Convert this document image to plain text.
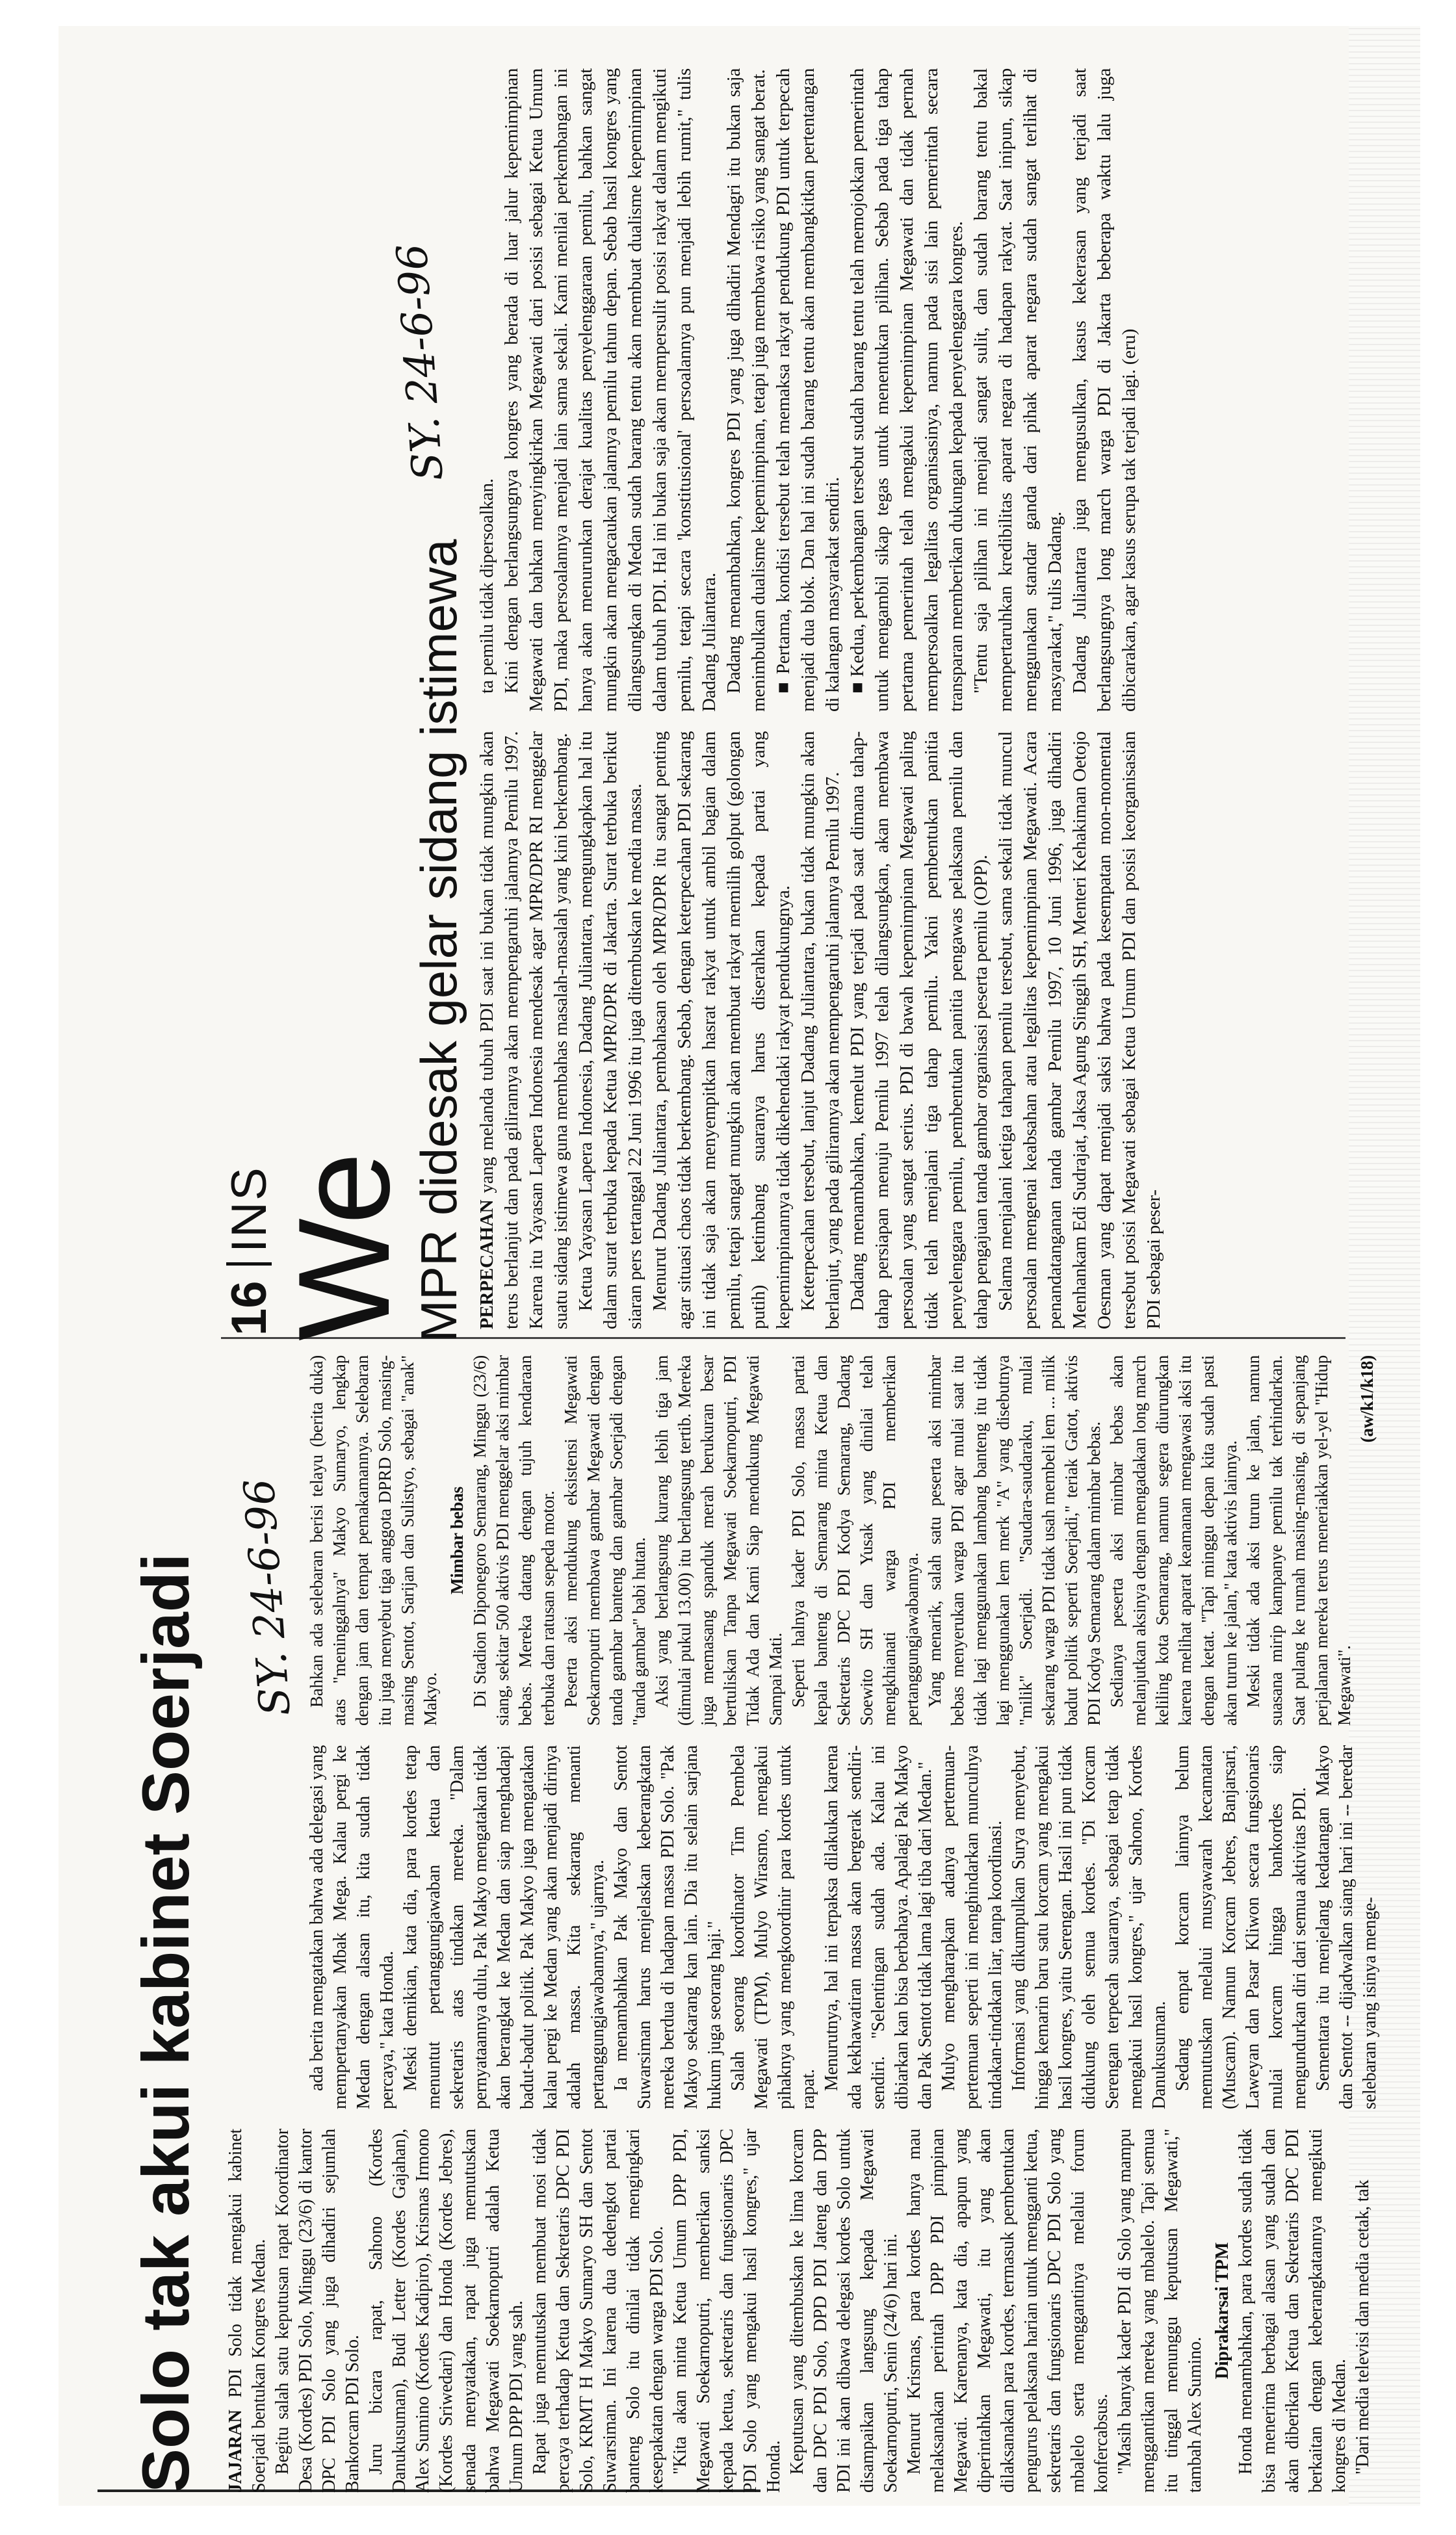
Solo tak akui kabinet Soerjadi SY. 24-6-96

JAJARAN PDI Solo tidak mengakui kabinet Soerjadi bentukan Kongres Medan. Begitu salah satu keputusan rapat Koordinator Desa (Kordes) PDI Solo, Minggu (23/6) di kantor DPC PDI Solo yang juga dihadiri sejumlah Bankorcam PDI Solo. Juru bicara rapat, Sahono (Kordes Danukusuman), Budi Letter (Kordes Gajahan), Alex Sumino (Kordes Kadipiro), Krismas Irmono (Kordes Sriwedari) dan Honda (Kordes Jebres), senada menyatakan, rapat juga memutuskan bahwa Megawati Soekarnoputri adalah Ketua Umum DPP PDI yang sah. Rapat juga memutuskan membuat mosi tidak percaya terhadap Ketua dan Sekretaris DPC PDI Solo, KRMT H Makyo Sumaryo SH dan Sentot Suwarsiman. Ini karena dua dedengkot partai banteng Solo itu dinilai tidak mengingkari kesepakatan dengan warga PDI Solo. "Kita akan minta Ketua Umum DPP PDI, Megawati Soekarnoputri, memberikan sanksi kepada ketua, sekretaris dan fungsionaris DPC PDI Solo yang mengakui hasil kongres," ujar Honda. Keputusan yang ditembuskan ke lima korcam dan DPC PDI Solo, DPD PDI Jateng dan DPP PDI ini akan dibawa delegasi kordes Solo untuk disampaikan langsung kepada Megawati Soekarnoputri, Senin (24/6) hari ini. Menurut Krismas, para kordes hanya mau melaksanakan perintah DPP PDI pimpinan Megawati. Karenanya, kata dia, apapun yang diperintahkan Megawati, itu yang akan dilaksanakan para kordes, termasuk pembentukan pengurus pelaksana harian untuk mengganti ketua, sekretaris dan fungsionaris DPC PDI Solo yang mbalelo serta menggantinya melalui forum konfercabsus. "Masih banyak kader PDI di Solo yang mampu menggantikan mereka yang mbalelo. Tapi semua itu tinggal menunggu keputusan Megawati," tambah Alex Sumino.

Diprakarsai TPM Honda menambahkan, para kordes sudah tidak bisa menerima berbagai alasan yang sudah dan akan diberikan Ketua dan Sekretaris DPC PDI berkaitan dengan keberangkatannya mengikuti kongres di Medan. "Dari media televisi dan media cetak, tak

ada berita mengatakan bahwa ada delegasi yang mempertanyakan Mbak Mega. Kalau pergi ke Medan dengan alasan itu, kita sudah tidak percaya," kata Honda. Meski demikian, kata dia, para kordes tetap menuntut pertanggungjawaban ketua dan sekretaris atas tindakan mereka. "Dalam pernyataannya dulu, Pak Makyo mengatakan tidak akan berangkat ke Medan dan siap menghadapi badut-badut politik. Pak Makyo juga mengatakan kalau pergi ke Medan yang akan menjadi dirinya adalah massa. Kita sekarang menanti pertanggungjawabannya," ujarnya. Ia menambahkan Pak Makyo dan Sentot Suwarsiman harus menjelaskan keberangkatan mereka berdua di hadapan massa PDI Solo. "Pak Makyo sekarang kan lain. Dia itu selain sarjana hukum juga seorang haji." Salah seorang koordinator Tim Pembela Megawati (TPM), Mulyo Wirasmo, mengakui pihaknya yang mengkoordinir para kordes untuk rapat. Menurutnya, hal ini terpaksa dilakukan karena ada kekhawatiran massa akan bergerak sendiri-sendiri. "Selentingan sudah ada. Kalau ini dibiarkan kan bisa berbahaya. Apalagi Pak Makyo dan Pak Sentot tidak lama lagi tiba dari Medan." Mulyo mengharapkan adanya pertemuan-pertemuan seperti ini menghindarkan munculnya tindakan-tindakan liar, tanpa koordinasi. Informasi yang dikumpulkan Surya menyebut, hingga kemarin baru satu korcam yang mengakui hasil kongres, yaitu Serengan. Hasil ini pun tidak didukung oleh semua kordes. "Di Korcam Serengan terpecah suaranya, sebagai tetap tidak mengakui hasil kongres," ujar Sahono, Kordes Danukusuman. Sedang empat korcam lainnya belum memutuskan melalui musyawarah kecamatan (Muscam). Namun Korcam Jebres, Banjarsari, Laweyan dan Pasar Kliwon secara fungsionaris mulai korcam hingga bankordes siap mengundurkan diri dari semua aktivitas PDI. Sementara itu menjelang kedatangan Makyo dan Sentot -- dijadwalkan siang hari ini -- beredar selebaran yang isinya menge-

Bahkan ada selebaran berisi telayu (berita duka) atas "meninggalnya" Makyo Sumaryo, lengkap dengan jam dan tempat pemakamannya. Selebaran itu juga menyebut tiga anggota DPRD Solo, masing-masing Sentot, Sarijan dan Sulistyo, sebagai "anak" Makyo.

Mimbar bebas Di Stadion Diponegoro Semarang, Minggu (23/6) siang, sekitar 500 aktivis PDI menggelar aksi mimbar bebas. Mereka datang dengan tujuh kendaraan terbuka dan ratusan sepeda motor. Peserta aksi mendukung eksistensi Megawati Soekarnoputri membawa gambar Megawati dengan tanda gambar banteng dan gambar Soerjadi dengan "tanda gambar" babi hutan. Aksi yang berlangsung kurang lebih tiga jam (dimulai pukul 13.00) itu berlangsung tertib. Mereka juga memasang spanduk merah berukuran besar bertuliskan Tanpa Megawati Soekarnoputri, PDI Tidak Ada dan Kami Siap mendukung Megawati Sampai Mati. Seperti halnya kader PDI Solo, massa partai kepala banteng di Semarang minta Ketua dan Sekretaris DPC PDI Kodya Semarang, Dadang Soewito SH dan Yusak yang dinilai telah mengkhianati warga PDI memberikan pertanggungjawabannya. Yang menarik, salah satu peserta aksi mimbar bebas menyerukan warga PDI agar mulai saat itu tidak lagi menggunakan lambang banteng itu tidak lagi menggunakan lem merk "A" yang disebutnya "milik" Soerjadi. "Saudara-saudaraku, mulai sekarang warga PDI tidak usah membeli lem ... milik badut politik seperti Soerjadi," teriak Gatot, aktivis PDI Kodya Semarang dalam mimbar bebas. Sedianya peserta aksi mimbar bebas akan melanjutkan aksinya dengan mengadakan long march keliling kota Semarang, namun segera diurungkan karena melihat aparat keamanan mengawasi aksi itu dengan ketat. "Tapi minggu depan kita sudah pasti akan turun ke jalan," kata aktivis lainnya. Meski tidak ada aksi turun ke jalan, namun suasana mirip kampanye pemilu tak terhindarkan. Saat pulang ke rumah masing-masing, di sepanjang perjalanan mereka terus meneriakkan yel-yel "Hidup Megawati".

(aw/k1/k18)

16
INS
We
MPR didesak gelar sidang istimewa
SY. 24-6-96

PERPECAHAN yang melanda tubuh PDI saat ini bukan tidak mungkin akan terus berlanjut dan pada gilirannya akan mempengaruhi jalannya Pemilu 1997. Karena itu Yayasan Lapera Indonesia mendesak agar MPR/DPR RI menggelar suatu sidang istimewa guna membahas masalah-masalah yang kini berkembang. Ketua Yayasan Lapera Indonesia, Dadang Juliantara, mengungkapkan hal itu dalam surat terbuka kepada Ketua MPR/DPR di Jakarta. Surat terbuka berikut siaran pers tertanggal 22 Juni 1996 itu juga ditembuskan ke media massa. Menurut Dadang Juliantara, pembahasan oleh MPR/DPR itu sangat penting agar situasi chaos tidak berkembang. Sebab, dengan keterpecahan PDI sekarang ini tidak saja akan menyempitkan hasrat rakyat untuk ambil bagian dalam pemilu, tetapi sangat mungkin akan membuat rakyat memilih golput (golongan putih) ketimbang suaranya harus diserahkan kepada partai yang kepemimpinannya tidak dikehendaki rakyat pendukungnya. Keterpecahan tersebut, lanjut Dadang Juliantara, bukan tidak mungkin akan berlanjut, yang pada gilirannya akan mempengaruhi jalannya Pemilu 1997. Dadang menambahkan, kemelut PDI yang terjadi pada saat dimana tahap-tahap persiapan menuju Pemilu 1997 telah dilangsungkan, akan membawa persoalan yang sangat serius. PDI di bawah kepemimpinan Megawati paling tidak telah menjalani tiga tahap pemilu. Yakni pembentukan panitia penyelenggara pemilu, pembentukan panitia pengawas pelaksana pemilu dan tahap pengajuan tanda gambar organisasi peserta pemilu (OPP). Selama menjalani ketiga tahapan pemilu tersebut, sama sekali tidak muncul persoalan mengenai keabsahan atau legalitas kepemimpinan Megawati. Acara penandatanganan tanda gambar Pemilu 1997, 10 Juni 1996, juga dihadiri Menhankam Edi Sudrajat, Jaksa Agung Singgih SH, Menteri Kehakiman Oetojo Oesman yang dapat menjadi saksi bahwa pada kesempatan mon-momental tersebut posisi Megawati sebagai Ketua Umum PDI dan posisi keorganisasian PDI sebagai peser-

ta pemilu tidak dipersoalkan. Kini dengan berlangsungnya kongres yang berada di luar jalur kepemimpinan Megawati dan bahkan menyingkirkan Megawati dari posisi sebagai Ketua Umum PDI, maka persoalannya menjadi lain sama sekali. Kami menilai perkembangan ini hanya akan menurunkan derajat kualitas penyelenggaraan pemilu, bahkan sangat mungkin akan mengacaukan jalannya pemilu tahun depan. Sebab hasil kongres yang dilangsungkan di Medan sudah barang tentu akan membuat dualisme kepemimpinan dalam tubuh PDI. Hal ini bukan saja akan mempersulit posisi rakyat dalam mengikuti pemilu, tetapi secara 'konstitusional' persoalannya pun menjadi lebih rumit," tulis Dadang Juliantara. Dadang menambahkan, kongres PDI yang juga dihadiri Mendagri itu bukan saja menimbulkan dualisme kepemimpinan, tetapi juga membawa risiko yang sangat berat. ■ Pertama, kondisi tersebut telah memaksa rakyat pendukung PDI untuk terpecah menjadi dua blok. Dan hal ini sudah barang tentu akan membangkitkan pertentangan di kalangan masyarakat sendiri. ■ Kedua, perkembangan tersebut sudah barang tentu telah memojokkan pemerintah untuk mengambil sikap tegas untuk menentukan pilihan. Sebab pada tiga tahap pertama pemerintah telah mengakui kepemimpinan Megawati dan tidak pernah mempersoalkan legalitas organisasinya, namun pada sisi lain pemerintah secara transparan memberikan dukungan kepada penyelenggara kongres. "Tentu saja pilihan ini menjadi sangat sulit, dan sudah barang tentu bakal mempertaruhkan kredibilitas aparat negara di hadapan rakyat. Saat inipun, sikap menggunakan standar ganda dari pihak aparat negara sudah sangat terlihat di masyarakat," tulis Dadang. Dadang Juliantara juga mengusulkan, kasus kekerasan yang terjadi saat berlangsungnya long march warga PDI di Jakarta beberapa waktu lalu juga dibicarakan, agar kasus serupa tak terjadi lagi. (eru)
